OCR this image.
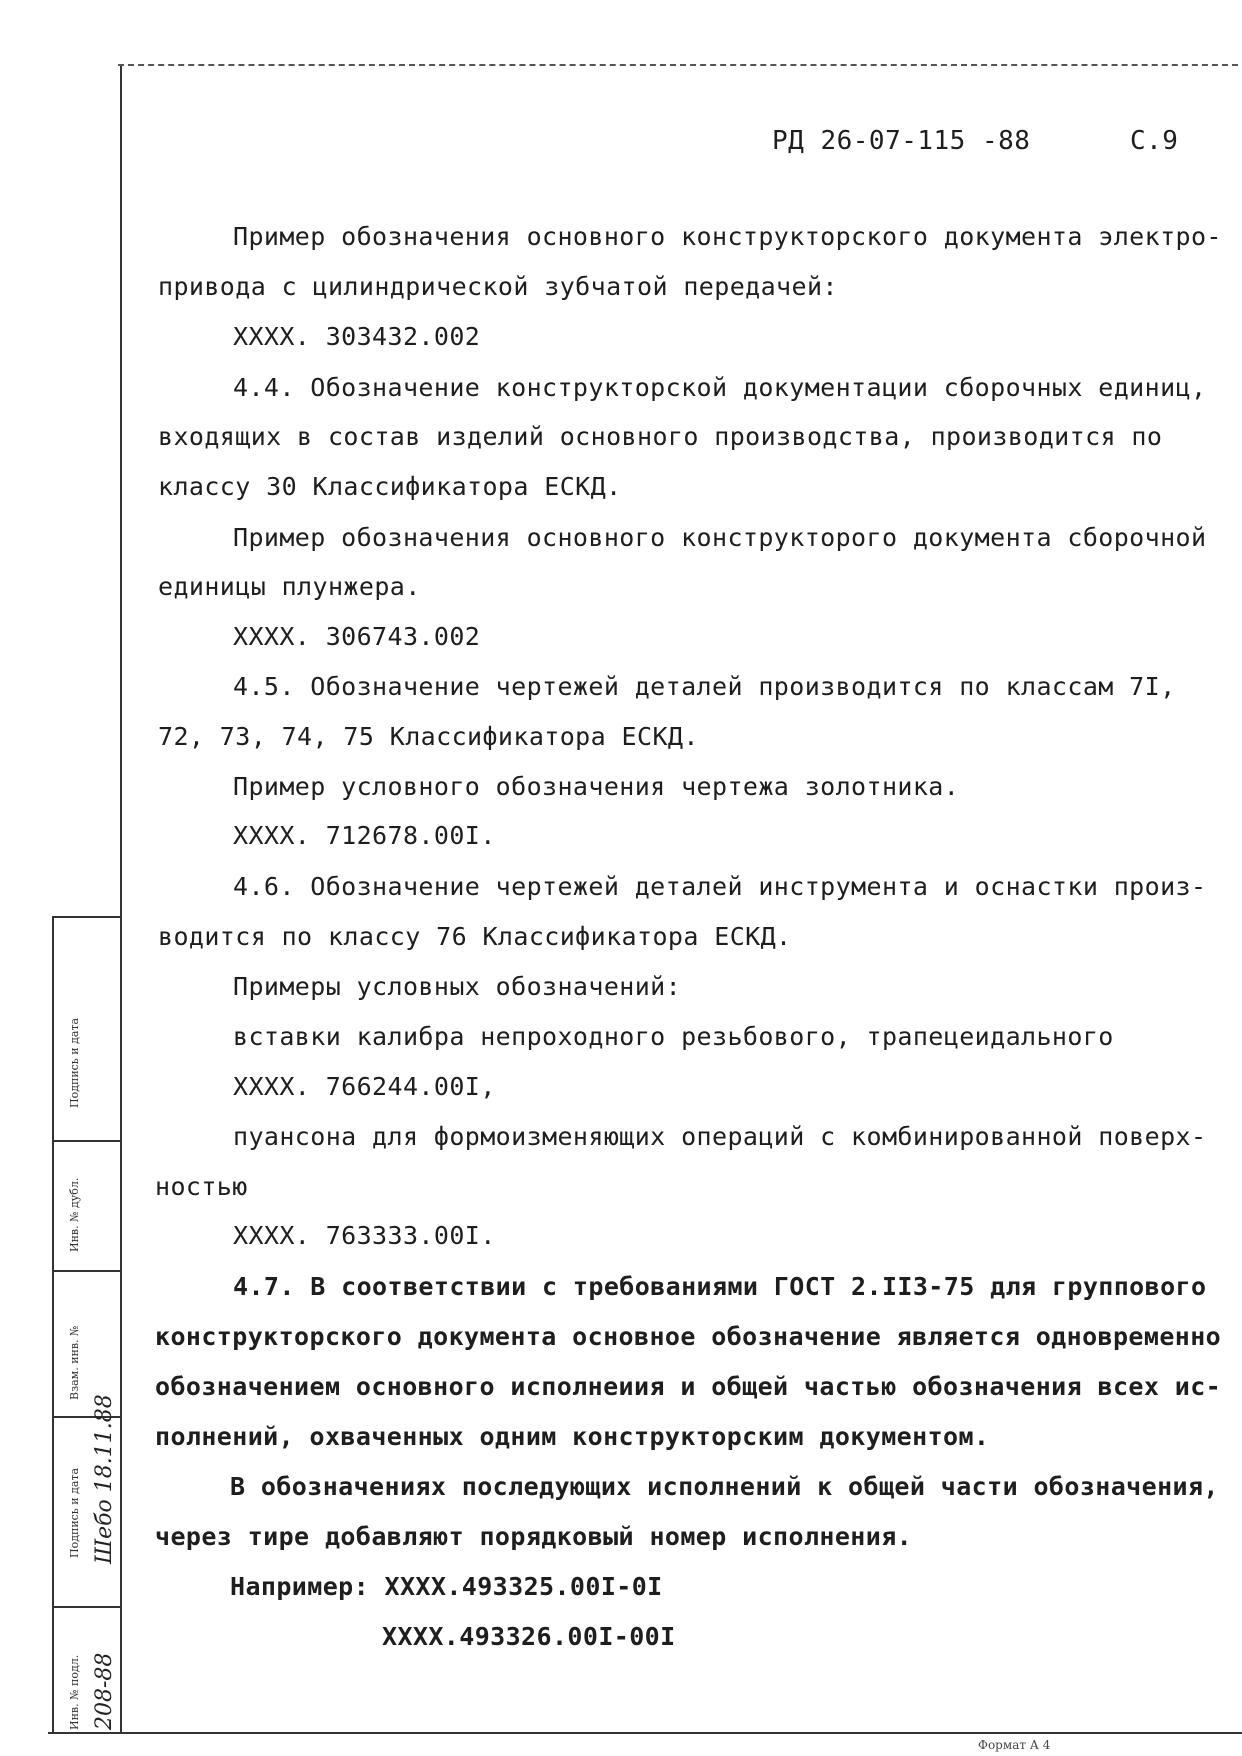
РД 26-07-115 -88	С.9
Пример обозначения основного конструкторского документа электро-
привода с цилиндрической зубчатой передачей:
XXXX. 303432.002
4.4. Обозначение конструкторской документации сборочных единиц,
входящих в состав изделий основного производства, производится по
классу 30 Классификатора ЕСКД.
Пример обозначения основного конструкторого документа сборочной
единицы плунжера.
XXXX. 306743.002
4.5. Обозначение чертежей деталей производится по классам 7I,
72, 73, 74, 75 Классификатора ЕСКД.
Пример условного обозначения чертежа золотника.
XXXX. 712678.00I.
4.6. Обозначение чертежей деталей инструмента и оснастки произ-
водится по классу 76 Классификатора ЕСКД.
Примеры условных обозначений:
вставки калибра непроходного резьбового, трапецеидального
XXXX. 766244.00I,
пуансона для формоизменяющих операций с комбинированной поверх-
ностью
XXXX. 763333.00I.
4.7. В соответствии с требованиями ГОСТ 2.II3-75 для группового
конструкторского документа основное обозначение является одновременно
обозначением основного исполнеиия и общей частью обозначения всех ис-
полнений, охваченных одним конструкторским документом.
В обозначениях последующих исполнений к общей части обозначения,
через тире добавляют порядковый номер исполнения.
Например: XXXX.493325.00I-0I
XXXX.493326.00I-00I
Подпись и дата
Инв. № дубл.
Взам. инв. №
Подпись и дата Шебо 18.11.88
Инв. № подл. 208-88
Формат А 4
